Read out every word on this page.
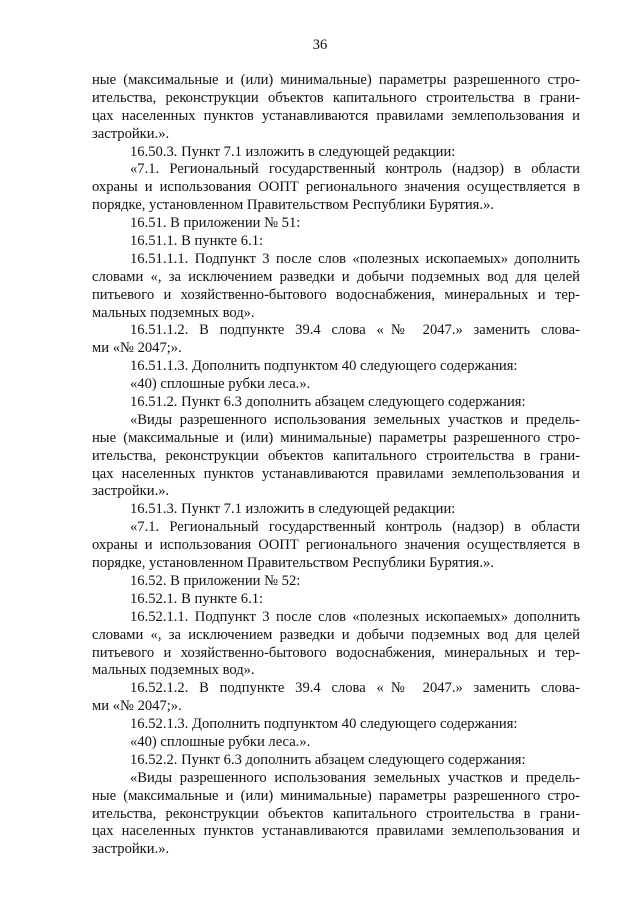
36
ные (максимальные и (или) минимальные) параметры разрешенного стро-
ительства, реконструкции объектов капитального строительства в грани-
цах населенных пунктов устанавливаются правилами землепользования и
застройки.».
16.50.3. Пункт 7.1 изложить в следующей редакции:
«7.1. Региональный государственный контроль (надзор) в области
охраны и использования ООПТ регионального значения осуществляется в
порядке, установленном Правительством Республики Бурятия.».
16.51. В приложении № 51:
16.51.1. В пункте 6.1:
16.51.1.1. Подпункт 3 после слов «полезных ископаемых» дополнить
словами «, за исключением разведки и добычи подземных вод для целей
питьевого и хозяйственно-бытового водоснабжения, минеральных и тер-
мальных подземных вод».
16.51.1.2. В подпункте 39.4 слова «№ 2047.» заменить слова-
ми «№ 2047;».
16.51.1.3. Дополнить подпунктом 40 следующего содержания:
«40) сплошные рубки леса.».
16.51.2. Пункт 6.3 дополнить абзацем следующего содержания:
«Виды разрешенного использования земельных участков и предель-
ные (максимальные и (или) минимальные) параметры разрешенного стро-
ительства, реконструкции объектов капитального строительства в грани-
цах населенных пунктов устанавливаются правилами землепользования и
застройки.».
16.51.3. Пункт 7.1 изложить в следующей редакции:
«7.1. Региональный государственный контроль (надзор) в области
охраны и использования ООПТ регионального значения осуществляется в
порядке, установленном Правительством Республики Бурятия.».
16.52. В приложении № 52:
16.52.1. В пункте 6.1:
16.52.1.1. Подпункт 3 после слов «полезных ископаемых» дополнить
словами «, за исключением разведки и добычи подземных вод для целей
питьевого и хозяйственно-бытового водоснабжения, минеральных и тер-
мальных подземных вод».
16.52.1.2. В подпункте 39.4 слова «№ 2047.» заменить слова-
ми «№ 2047;».
16.52.1.3. Дополнить подпунктом 40 следующего содержания:
«40) сплошные рубки леса.».
16.52.2. Пункт 6.3 дополнить абзацем следующего содержания:
«Виды разрешенного использования земельных участков и предель-
ные (максимальные и (или) минимальные) параметры разрешенного стро-
ительства, реконструкции объектов капитального строительства в грани-
цах населенных пунктов устанавливаются правилами землепользования и
застройки.».
